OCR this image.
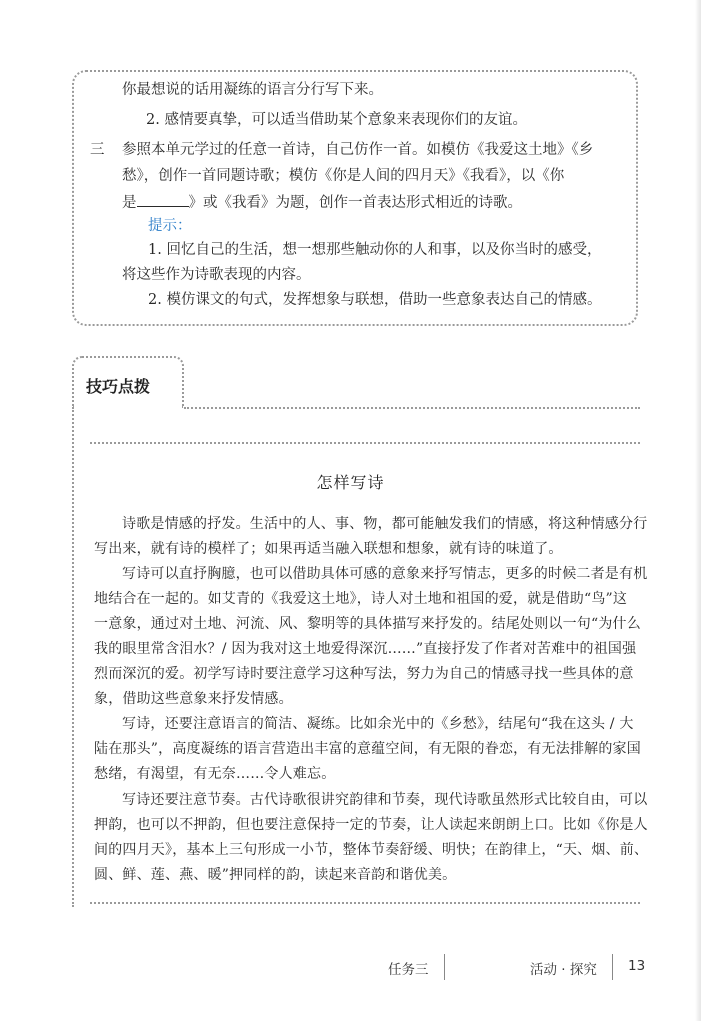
你最想说的话用凝练的语言分行写下来。
2. 感情要真挚，可以适当借助某个意象来表现你们的友谊。
三 参照本单元学过的任意一首诗，自己仿作一首。如模仿《我爱这土地》《乡
愁》，创作一首同题诗歌；模仿《你是人间的四月天》《我看》，以《你
是	》或《我看》为题，创作一首表达形式相近的诗歌。
提示：
1. 回忆自己的生活，想一想那些触动你的人和事，以及你当时的感受，
将这些作为诗歌表现的内容。
2. 模仿课文的句式，发挥想象与联想，借助一些意象表达自己的情感。
技巧点拨
怎样写诗
诗歌是情感的抒发。生活中的人、事、物，都可能触发我们的情感，将这种情感分行
写出来，就有诗的模样了；如果再适当融入联想和想象，就有诗的味道了。
写诗可以直抒胸臆，也可以借助具体可感的意象来抒写情志，更多的时候二者是有机
地结合在一起的。如艾青的《我爱这土地》，诗人对土地和祖国的爱，就是借助“鸟”这
一意象，通过对土地、河流、风、黎明等的具体描写来抒发的。结尾处则以一句“为什么
我的眼里常含泪水？/ 因为我对这土地爱得深沉……”直接抒发了作者对苦难中的祖国强
烈而深沉的爱。初学写诗时要注意学习这种写法，努力为自己的情感寻找一些具体的意
象，借助这些意象来抒发情感。
写诗，还要注意语言的简洁、凝练。比如余光中的《乡愁》，结尾句“我在这头 / 大
陆在那头”，高度凝练的语言营造出丰富的意蕴空间，有无限的眷恋，有无法排解的家国
愁绪，有渴望，有无奈……令人难忘。
写诗还要注意节奏。古代诗歌很讲究韵律和节奏，现代诗歌虽然形式比较自由，可以
押韵，也可以不押韵，但也要注意保持一定的节奏，让人读起来朗朗上口。比如《你是人
间的四月天》，基本上三句形成一小节，整体节奏舒缓、明快；在韵律上，“天、烟、前、
圆、鲜、莲、燕、暖”押同样的韵，读起来音韵和谐优美。
任务三	活动 · 探究 13
